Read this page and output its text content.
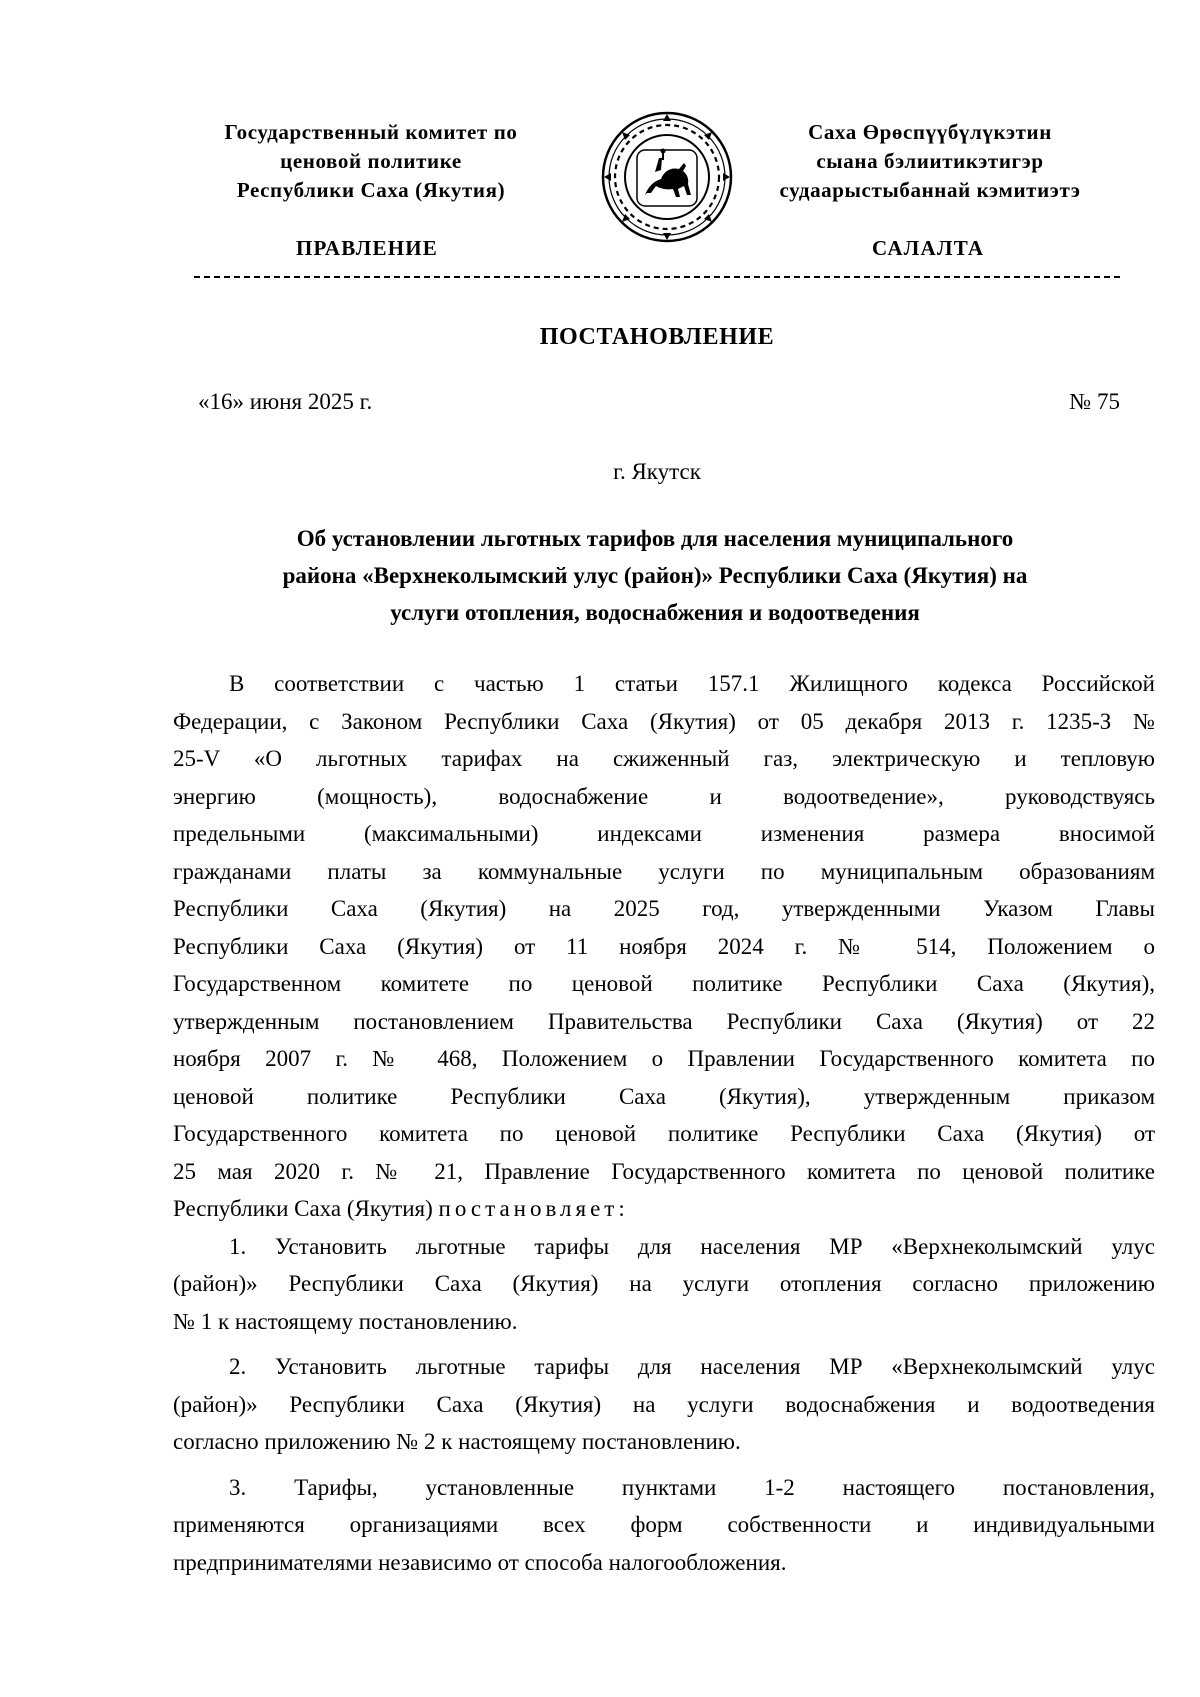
Государственный комитет по
ценовой политике
Республики Саха (Якутия)
Саха Өрөспүүбүлүкэтин
сыана бэлиитикэтигэр
судаарыстыбаннай кэмитиэтэ
ПРАВЛЕНИЕ	САЛАЛТА
ПОСТАНОВЛЕНИЕ
«16» июня 2025 г.	№ 75
г. Якутск
Об установлении льготных тарифов для населения муниципального
района «Верхнеколымский улус (район)» Республики Саха (Якутия) на
услуги отопления, водоснабжения и водоотведения
В соответствии с частью 1 статьи 157.1 Жилищного кодекса Российской
Федерации, с Законом Республики Саха (Якутия) от 05 декабря 2013 г. 1235-З №
25-V «О льготных тарифах на сжиженный газ, электрическую и тепловую
энергию (мощность), водоснабжение и водоотведение», руководствуясь
предельными (максимальными) индексами изменения размера вносимой
гражданами платы за коммунальные услуги по муниципальным образованиям
Республики Саха (Якутия) на 2025 год, утвержденными Указом Главы
Республики Саха (Якутия) от 11 ноября 2024 г. № 514, Положением о
Государственном комитете по ценовой политике Республики Саха (Якутия),
утвержденным постановлением Правительства Республики Саха (Якутия) от 22
ноября 2007 г. № 468, Положением о Правлении Государственного комитета по
ценовой политике Республики Саха (Якутия), утвержденным приказом
Государственного комитета по ценовой политике Республики Саха (Якутия) от
25 мая 2020 г. № 21, Правление Государственного комитета по ценовой политике
Республики Саха (Якутия) постановляет:
1. Установить льготные тарифы для населения МР «Верхнеколымский улус
(район)» Республики Саха (Якутия) на услуги отопления согласно приложению
№ 1 к настоящему постановлению.
2. Установить льготные тарифы для населения МР «Верхнеколымский улус
(район)» Республики Саха (Якутия) на услуги водоснабжения и водоотведения
согласно приложению № 2 к настоящему постановлению.
3. Тарифы, установленные пунктами 1-2 настоящего постановления,
применяются организациями всех форм собственности и индивидуальными
предпринимателями независимо от способа налогообложения.
